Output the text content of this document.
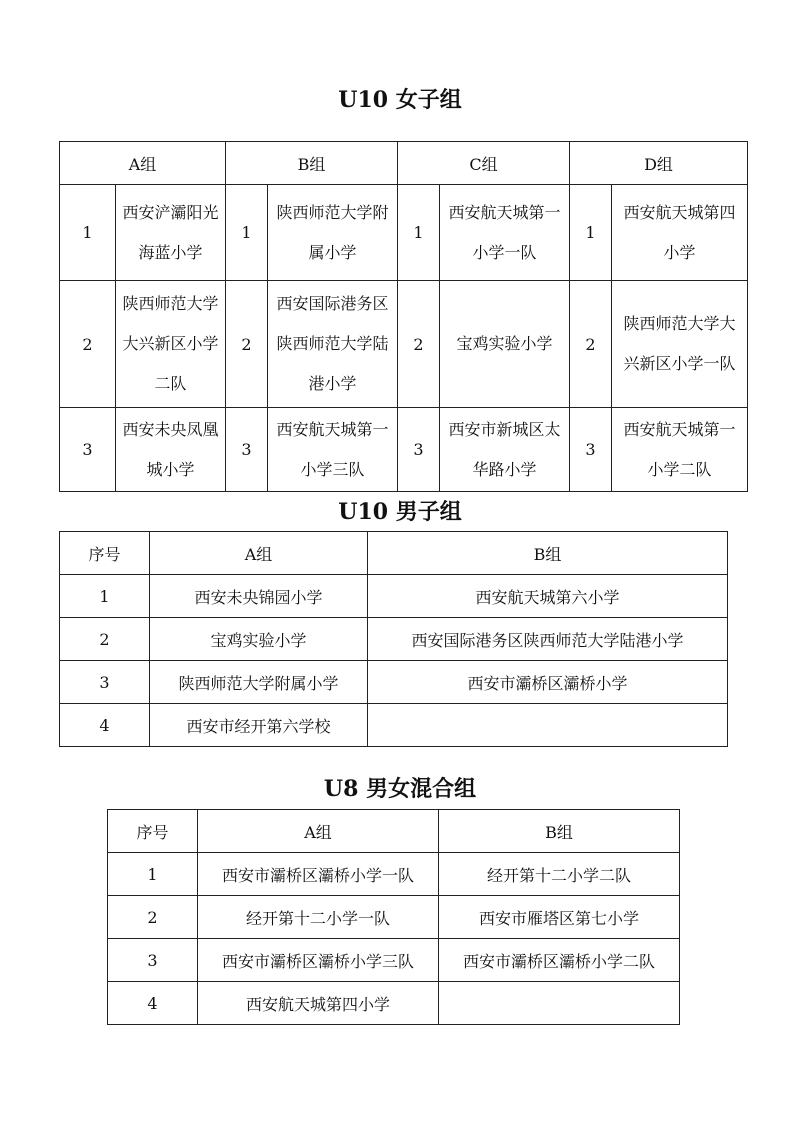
U10 女子组
A组		B组		C组		D组	
1	西安浐灞阳光海蓝小学	1	陕西师范大学附属小学	1	西安航天城第一小学一队	1	西安航天城第四小学
2	陕西师范大学大兴新区小学二队	2	西安国际港务区陕西师范大学陆港小学	2	宝鸡实验小学	2	陕西师范大学大兴新区小学一队
3	西安未央凤凰城小学	3	西安航天城第一小学三队	3	西安市新城区太华路小学	3	西安航天城第一小学二队
U10 男子组
序号	A组	B组
1	西安未央锦园小学	西安航天城第六小学
2	宝鸡实验小学	西安国际港务区陕西师范大学陆港小学
3	陕西师范大学附属小学	西安市灞桥区灞桥小学
4	西安市经开第六学校	
U8 男女混合组
序号	A组	B组
1	西安市灞桥区灞桥小学一队	经开第十二小学二队
2	经开第十二小学一队	西安市雁塔区第七小学
3	西安市灞桥区灞桥小学三队	西安市灞桥区灞桥小学二队
4	西安航天城第四小学	
